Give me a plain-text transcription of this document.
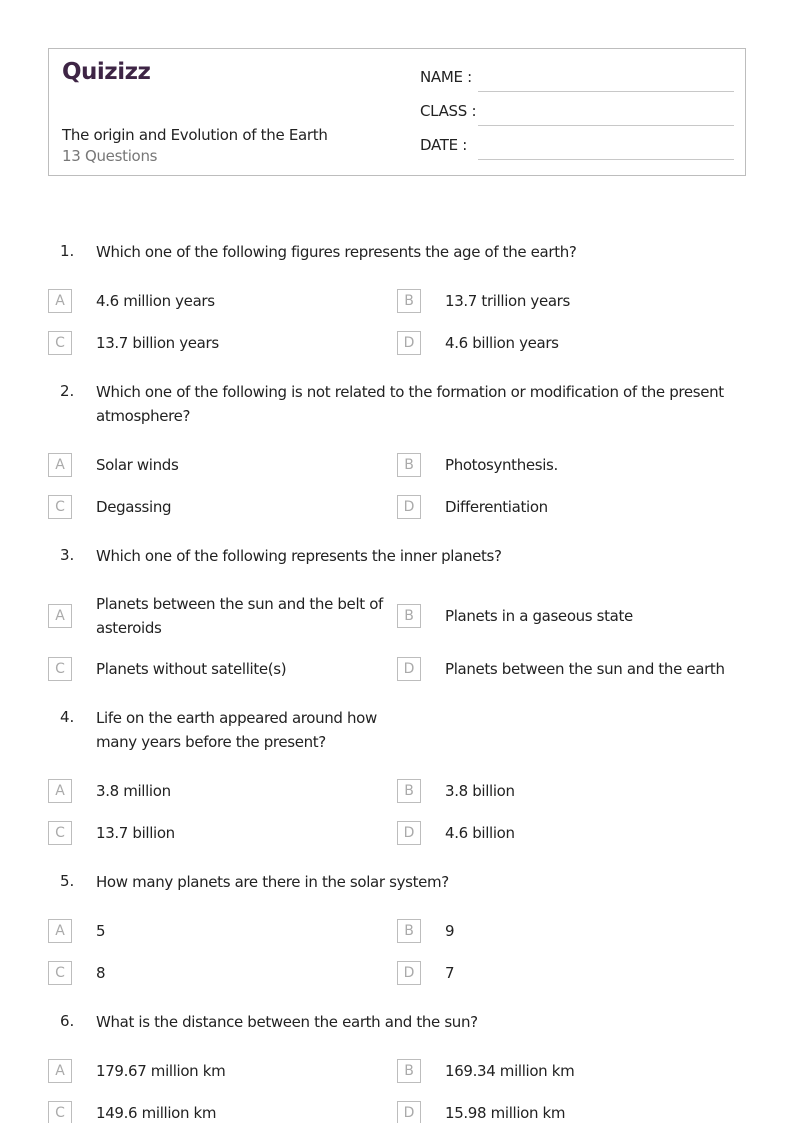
Quizizz
The origin and Evolution of the Earth
13 Questions
NAME :
CLASS :
DATE :
1. Which one of the following figures represents the age of the earth?
A	4.6 million years	B	13.7 trillion years
C	13.7 billion years	D	4.6 billion years
2. Which one of the following is not related to the formation or modification of the present atmosphere?
A	Solar winds	B	Photosynthesis.
C	Degassing	D	Differentiation
3. Which one of the following represents the inner planets?
A
Planets between the sun and the belt of asteroids
B	Planets in a gaseous state
C	Planets without satellite(s)	D	Planets between the sun and the earth
4. Life on the earth appeared around how many years before the present?
A	3.8 million	B	3.8 billion
C	13.7 billion	D	4.6 billion
5. How many planets are there in the solar system?
A	5	B	9
C	8	D	7
6. What is the distance between the earth and the sun?
A	179.67 million km	B	169.34 million km
C	149.6 million km	D	15.98 million km
